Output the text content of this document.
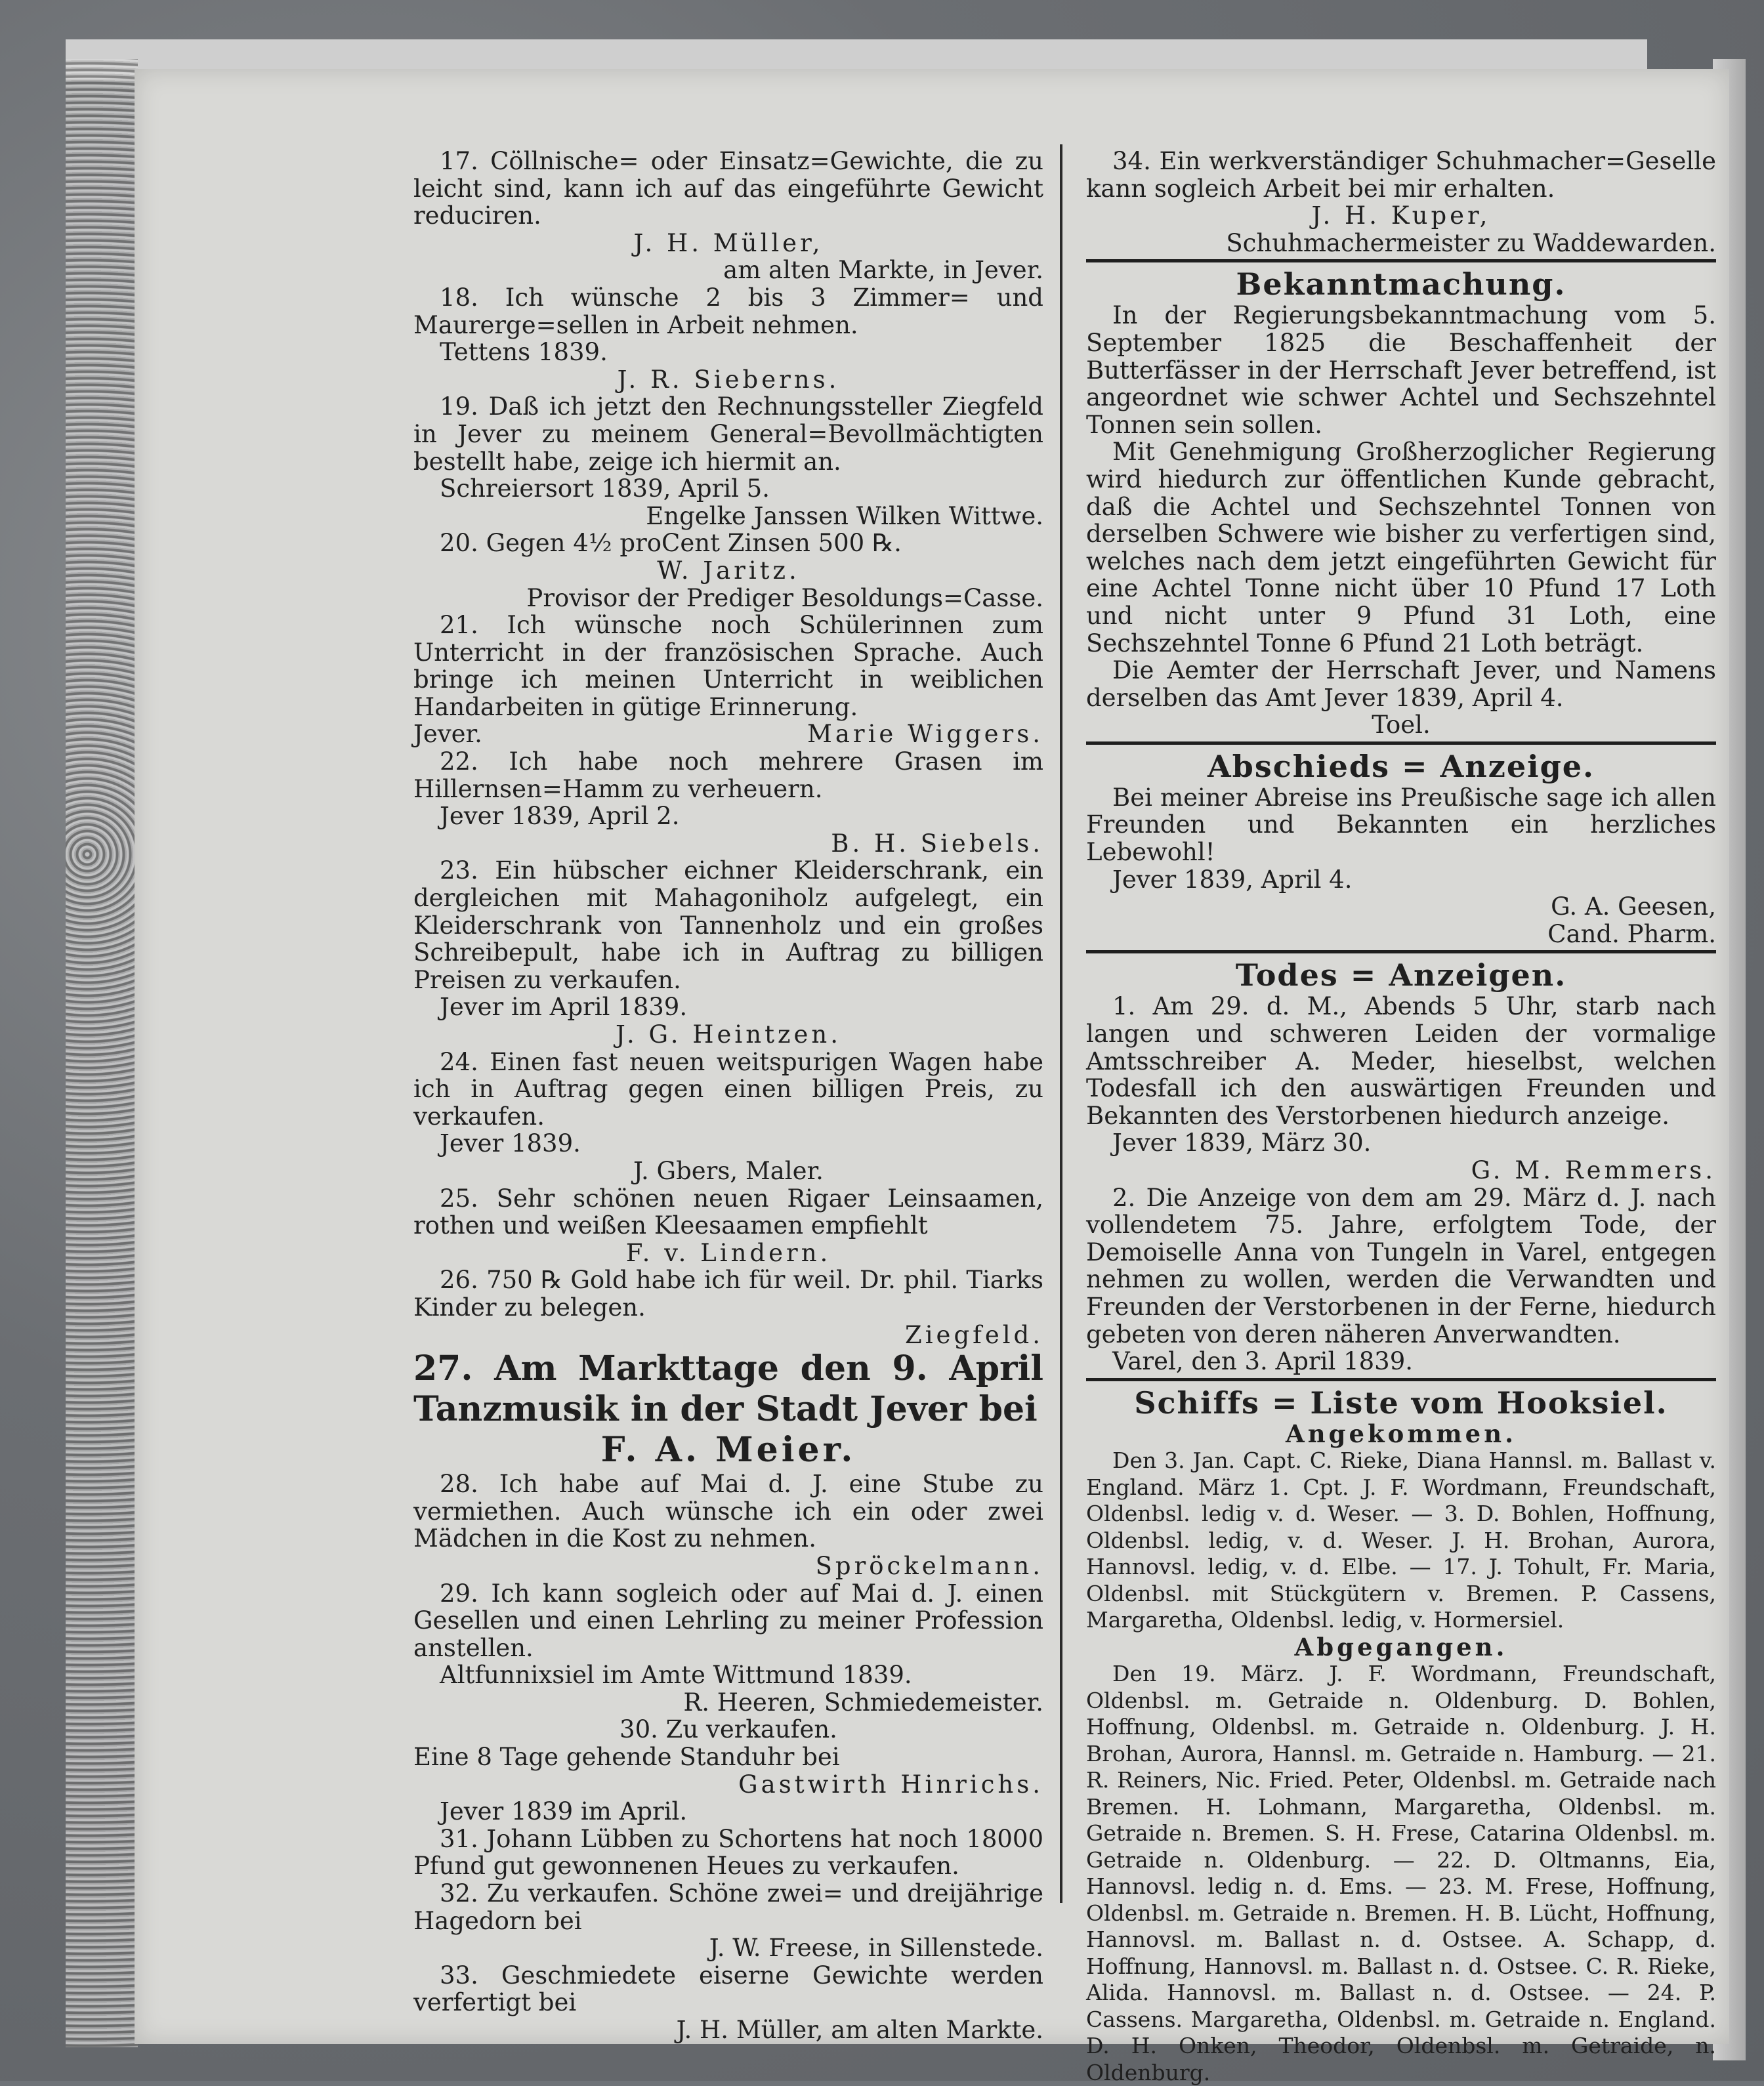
17. Cöllnische= oder Einsatz=Gewichte, die zu leicht sind, kann ich auf das eingeführte Gewicht reduciren.

J. H. Müller,

am alten Markte, in Jever.

18. Ich wünsche 2 bis 3 Zimmer= und Maurerge=sellen in Arbeit nehmen.

Tettens 1839.

J. R. Sieberns.

19. Daß ich jetzt den Rechnungssteller Ziegfeld in Jever zu meinem General=Bevollmächtigten bestellt habe, zeige ich hiermit an.

Schreiersort 1839, April 5.

Engelke Janssen Wilken Wittwe.

20. Gegen 4½ proCent Zinsen 500 ℞.

W. Jaritz.

Provisor der Prediger Besoldungs=Casse.

21. Ich wünsche noch Schülerinnen zum Unterricht in der französischen Sprache. Auch bringe ich meinen Unterricht in weiblichen Handarbeiten in gütige Erinnerung.

Jever.	Marie Wiggers.

22. Ich habe noch mehrere Grasen im Hillernsen=Hamm zu verheuern.

Jever 1839, April 2.

B. H. Siebels.

23. Ein hübscher eichner Kleiderschrank, ein dergleichen mit Mahagoniholz aufgelegt, ein Kleiderschrank von Tannenholz und ein großes Schreibepult, habe ich in Auftrag zu billigen Preisen zu verkaufen.

Jever im April 1839.

J. G. Heintzen.

24. Einen fast neuen weitspurigen Wagen habe ich in Auftrag gegen einen billigen Preis, zu verkaufen.

Jever 1839.

J. Gbers, Maler.

25. Sehr schönen neuen Rigaer Leinsaamen, rothen und weißen Kleesaamen empfiehlt

F. v. Lindern.

26. 750 ℞ Gold habe ich für weil. Dr. phil. Tiarks Kinder zu belegen.

Ziegfeld.

27. Am Markttage den 9. April Tanzmusik in der Stadt Jever bei

F. A. Meier.

28. Ich habe auf Mai d. J. eine Stube zu vermiethen. Auch wünsche ich ein oder zwei Mädchen in die Kost zu nehmen.

Spröckelmann.

29. Ich kann sogleich oder auf Mai d. J. einen Gesellen und einen Lehrling zu meiner Profession anstellen.

Altfunnixsiel im Amte Wittmund 1839.

R. Heeren, Schmiedemeister.

30. Zu verkaufen.

Eine 8 Tage gehende Standuhr bei

Gastwirth Hinrichs.

Jever 1839 im April.

31. Johann Lübben zu Schortens hat noch 18000 Pfund gut gewonnenen Heues zu verkaufen.

32. Zu verkaufen. Schöne zwei= und dreijährige Hagedorn bei

J. W. Freese, in Sillenstede.

33. Geschmiedete eiserne Gewichte werden verfertigt bei

J. H. Müller, am alten Markte.

34. Ein werkverständiger Schuhmacher=Geselle kann sogleich Arbeit bei mir erhalten.

J. H. Kuper,

Schuhmachermeister zu Waddewarden.

Bekanntmachung.

In der Regierungsbekanntmachung vom 5. September 1825 die Beschaffenheit der Butterfässer in der Herrschaft Jever betreffend, ist angeordnet wie schwer Achtel und Sechszehntel Tonnen sein sollen.

Mit Genehmigung Großherzoglicher Regierung wird hiedurch zur öffentlichen Kunde gebracht, daß die Achtel und Sechszehntel Tonnen von derselben Schwere wie bisher zu verfertigen sind, welches nach dem jetzt eingeführten Gewicht für eine Achtel Tonne nicht über 10 Pfund 17 Loth und nicht unter 9 Pfund 31 Loth, eine Sechszehntel Tonne 6 Pfund 21 Loth beträgt.

Die Aemter der Herrschaft Jever, und Namens derselben das Amt Jever 1839, April 4.

Toel.

Abschieds = Anzeige.

Bei meiner Abreise ins Preußische sage ich allen Freunden und Bekannten ein herzliches Lebewohl!

Jever 1839, April 4.

G. A. Geesen,

Cand. Pharm.

Todes = Anzeigen.

1. Am 29. d. M., Abends 5 Uhr, starb nach langen und schweren Leiden der vormalige Amtsschreiber A. Meder, hieselbst, welchen Todesfall ich den auswärtigen Freunden und Bekannten des Verstorbenen hiedurch anzeige.

Jever 1839, März 30.

G. M. Remmers.

2. Die Anzeige von dem am 29. März d. J. nach vollendetem 75. Jahre, erfolgtem Tode, der Demoiselle Anna von Tungeln in Varel, entgegen nehmen zu wollen, werden die Verwandten und Freunden der Verstorbenen in der Ferne, hiedurch gebeten von deren näheren Anverwandten.

Varel, den 3. April 1839.

Schiffs = Liste vom Hooksiel.

Angekommen.

Den 3. Jan. Capt. C. Rieke, Diana Hannsl. m. Ballast v. England. März 1. Cpt. J. F. Wordmann, Freundschaft, Oldenbsl. ledig v. d. Weser. — 3. D. Bohlen, Hoffnung, Oldenbsl. ledig, v. d. Weser. J. H. Brohan, Aurora, Hannovsl. ledig, v. d. Elbe. — 17. J. Tohult, Fr. Maria, Oldenbsl. mit Stückgütern v. Bremen. P. Cassens, Margaretha, Oldenbsl. ledig, v. Hormersiel.

Abgegangen.

Den 19. März. J. F. Wordmann, Freundschaft, Oldenbsl. m. Getraide n. Oldenburg. D. Bohlen, Hoffnung, Oldenbsl. m. Getraide n. Oldenburg. J. H. Brohan, Aurora, Hannsl. m. Getraide n. Hamburg. — 21. R. Reiners, Nic. Fried. Peter, Oldenbsl. m. Getraide nach Bremen. H. Lohmann, Margaretha, Oldenbsl. m. Getraide n. Bremen. S. H. Frese, Catarina Oldenbsl. m. Getraide n. Oldenburg. — 22. D. Oltmanns, Eia, Hannovsl. ledig n. d. Ems. — 23. M. Frese, Hoffnung, Oldenbsl. m. Getraide n. Bremen. H. B. Lücht, Hoffnung, Hannovsl. m. Ballast n. d. Ostsee. A. Schapp, d. Hoffnung, Hannovsl. m. Ballast n. d. Ostsee. C. R. Rieke, Alida. Hannovsl. m. Ballast n. d. Ostsee. — 24. P. Cassens. Margaretha, Oldenbsl. m. Getraide n. England. D. H. Onken, Theodor, Oldenbsl. m. Getraide, n. Oldenburg.
